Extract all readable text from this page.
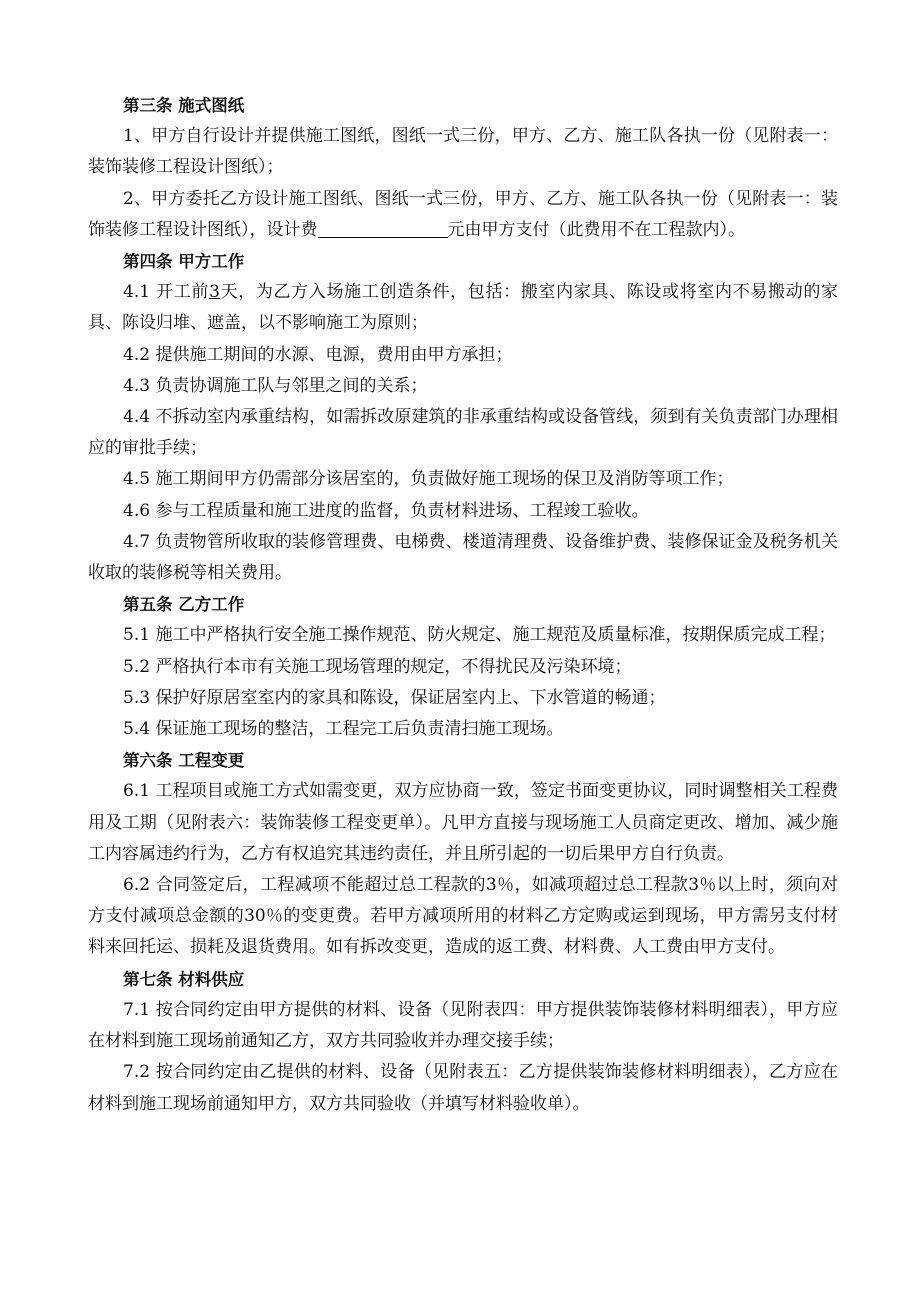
第三条 施式图纸
1、甲方自行设计并提供施工图纸，图纸一式三份，甲方、乙方、施工队各执一份（见附表一：装饰装修工程设计图纸）；
2、甲方委托乙方设计施工图纸、图纸一式三份，甲方、乙方、施工队各执一份（见附表一：装饰装修工程设计图纸），设计费	元由甲方支付（此费用不在工程款内）。
第四条 甲方工作
4.1 开工前3天，为乙方入场施工创造条件，包括：搬室内家具、陈设或将室内不易搬动的家具、陈设归堆、遮盖，以不影响施工为原则；
4.2 提供施工期间的水源、电源，费用由甲方承担；
4.3 负责协调施工队与邻里之间的关系；
4.4 不拆动室内承重结构，如需拆改原建筑的非承重结构或设备管线，须到有关负责部门办理相应的审批手续；
4.5 施工期间甲方仍需部分该居室的，负责做好施工现场的保卫及消防等项工作；
4.6 参与工程质量和施工进度的监督，负责材料进场、工程竣工验收。
4.7 负责物管所收取的装修管理费、电梯费、楼道清理费、设备维护费、装修保证金及税务机关收取的装修税等相关费用。
第五条 乙方工作
5.1 施工中严格执行安全施工操作规范、防火规定、施工规范及质量标准，按期保质完成工程；
5.2 严格执行本市有关施工现场管理的规定，不得扰民及污染环境；
5.3 保护好原居室室内的家具和陈设，保证居室内上、下水管道的畅通；
5.4 保证施工现场的整洁，工程完工后负责清扫施工现场。
第六条 工程变更
6.1 工程项目或施工方式如需变更，双方应协商一致，签定书面变更协议，同时调整相关工程费用及工期（见附表六：装饰装修工程变更单）。凡甲方直接与现场施工人员商定更改、增加、减少施工内容属违约行为，乙方有权追究其违约责任，并且所引起的一切后果甲方自行负责。
6.2 合同签定后，工程减项不能超过总工程款的3％，如减项超过总工程款3％以上时，须向对方支付减项总金额的30％的变更费。若甲方减项所用的材料乙方定购或运到现场，甲方需另支付材料来回托运、损耗及退货费用。如有拆改变更，造成的返工费、材料费、人工费由甲方支付。
第七条 材料供应
7.1 按合同约定由甲方提供的材料、设备（见附表四：甲方提供装饰装修材料明细表），甲方应在材料到施工现场前通知乙方，双方共同验收并办理交接手续；
7.2 按合同约定由乙提供的材料、设备（见附表五：乙方提供装饰装修材料明细表），乙方应在材料到施工现场前通知甲方，双方共同验收（并填写材料验收单）。
